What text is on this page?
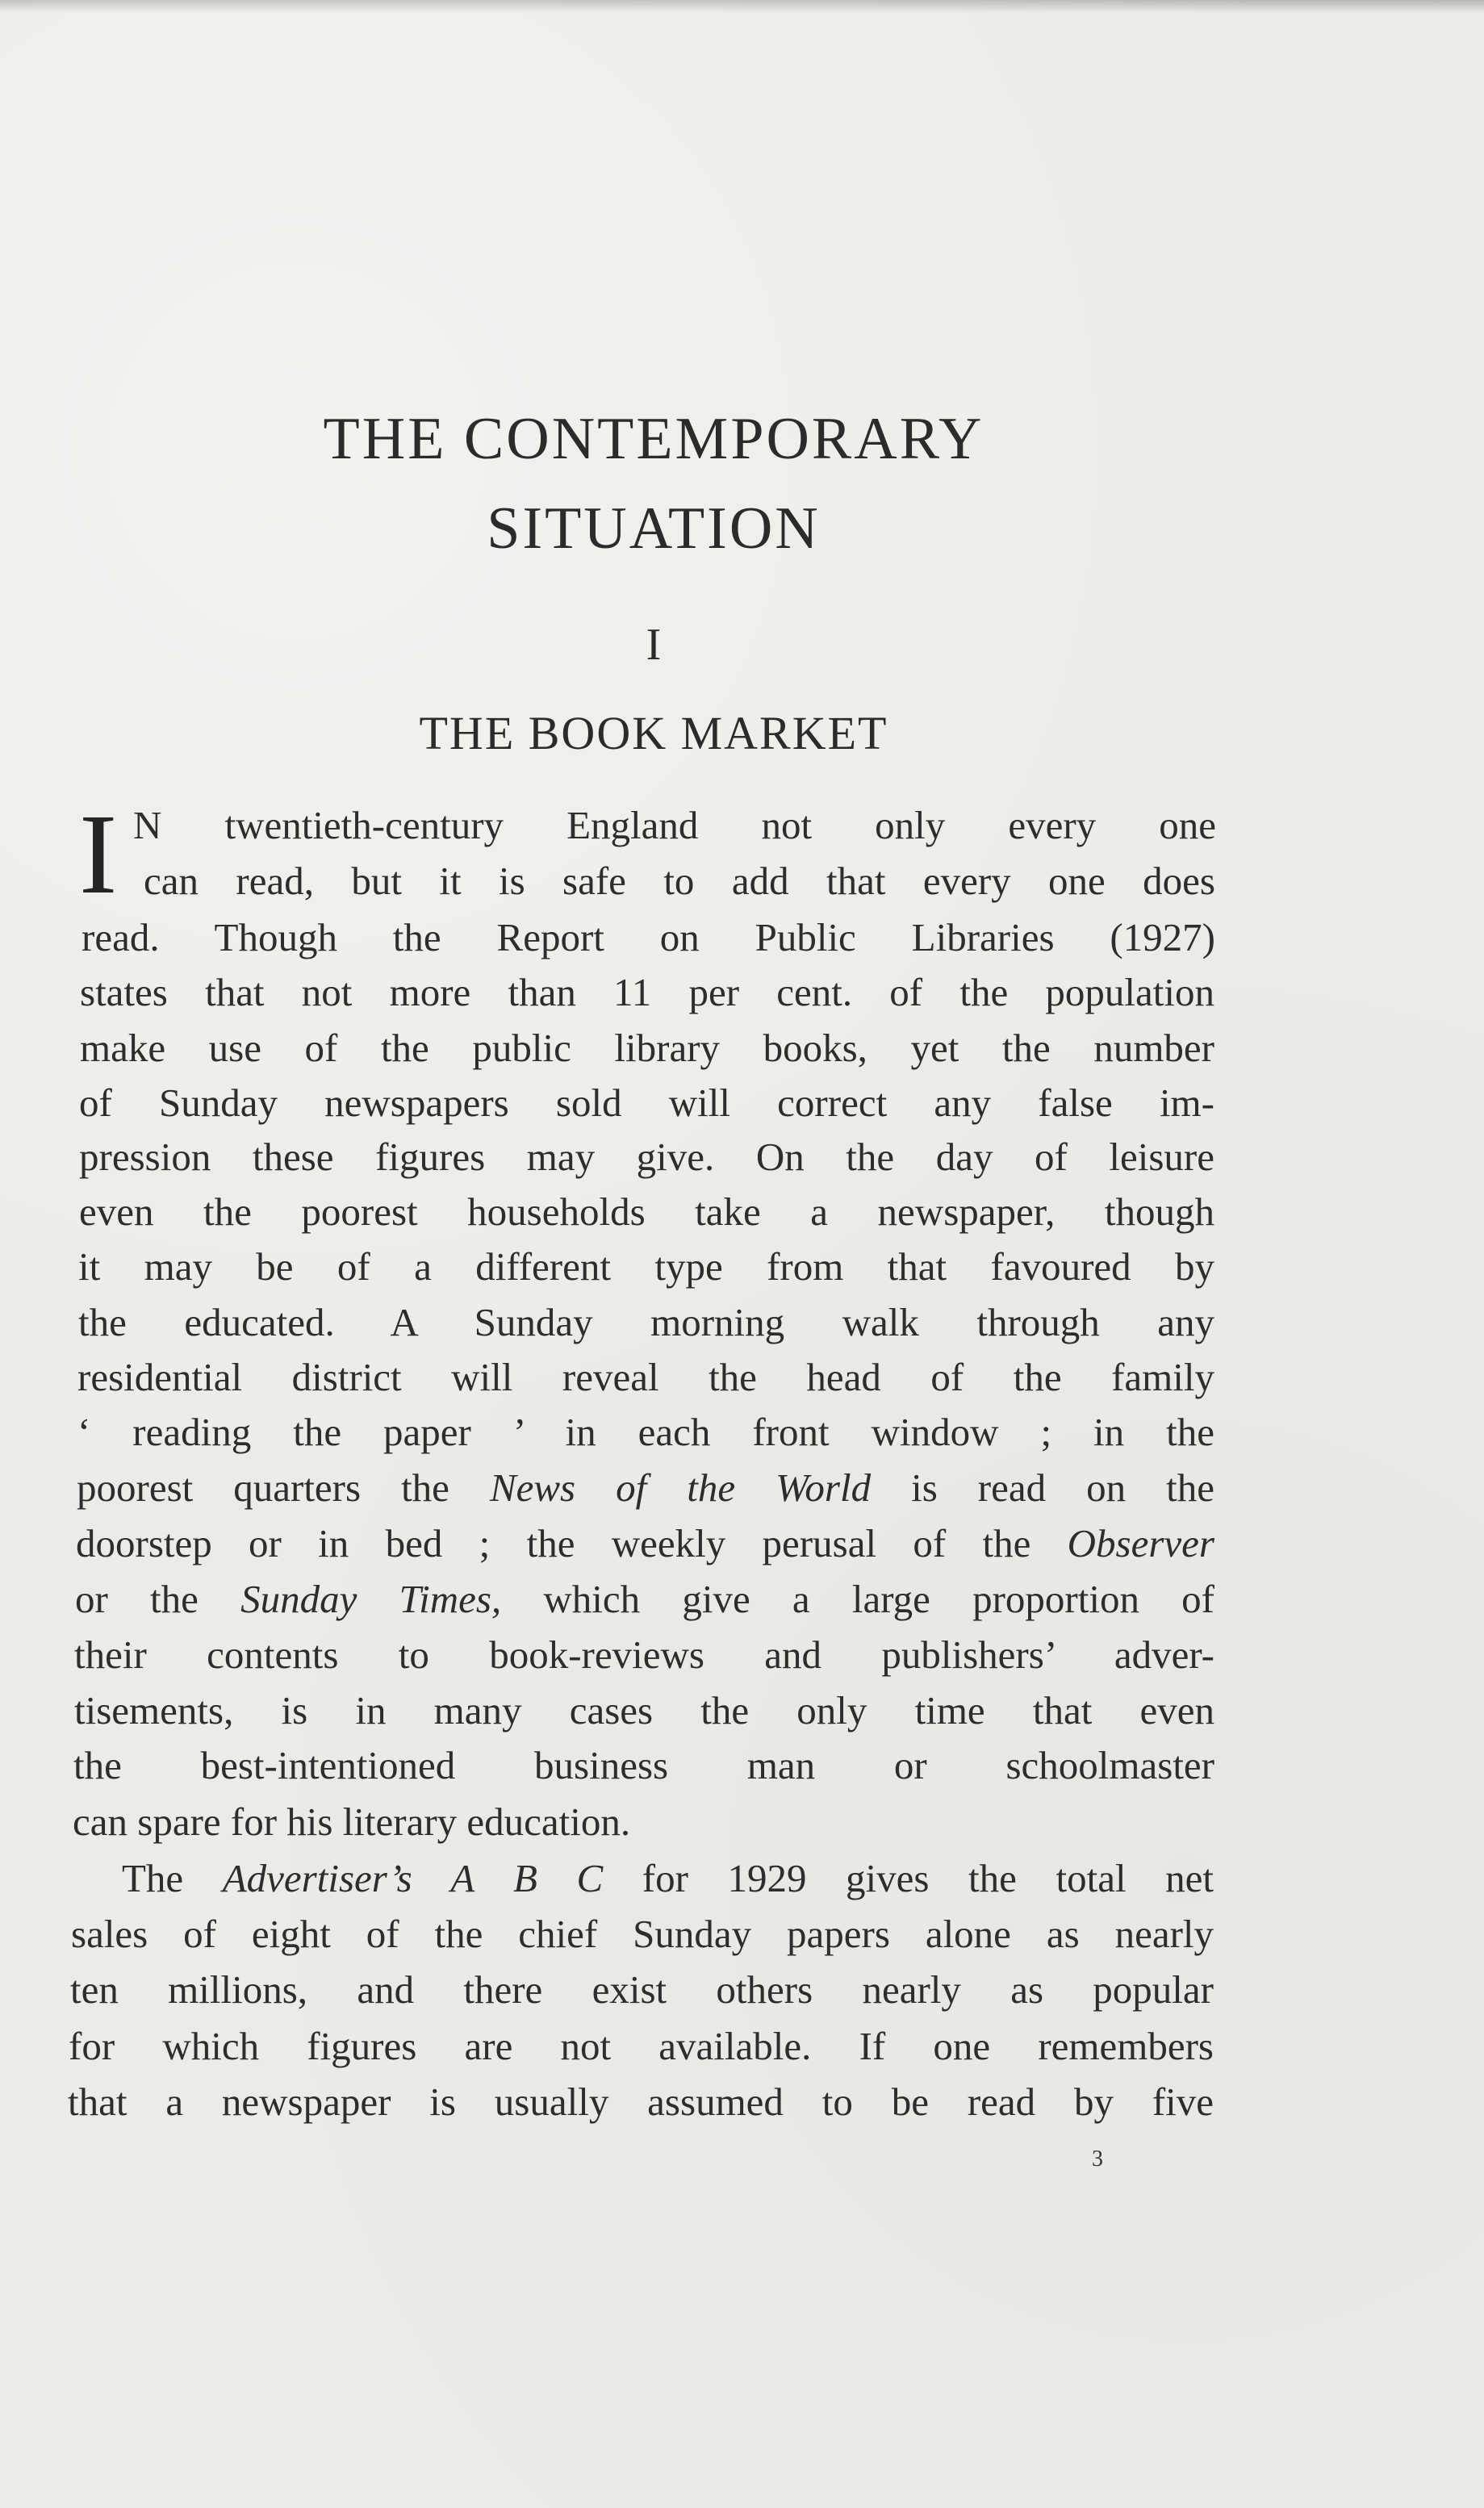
THE CONTEMPORARY
SITUATION
I
THE BOOK MARKET
I N twentieth-century England not only every one
can read, but it is safe to add that every one does
read. Though the Report on Public Libraries (1927)
states that not more than 11 per cent. of the population
make use of the public library books, yet the number
of Sunday newspapers sold will correct any false im-
pression these figures may give. On the day of leisure
even the poorest households take a newspaper, though
it may be of a different type from that favoured by
the educated. A Sunday morning walk through any
residential district will reveal the head of the family
‘ reading the paper ’ in each front window ; in the
poorest quarters the News of the World is read on the
doorstep or in bed ; the weekly perusal of the Observer
or the Sunday Times, which give a large proportion of
their contents to book-reviews and publishers’ adver-
tisements, is in many cases the only time that even
the best-intentioned business man or schoolmaster
can spare for his literary education.
The Advertiser’s A B C for 1929 gives the total net
sales of eight of the chief Sunday papers alone as nearly
ten millions, and there exist others nearly as popular
for which figures are not available. If one remembers
that a newspaper is usually assumed to be read by five
3
